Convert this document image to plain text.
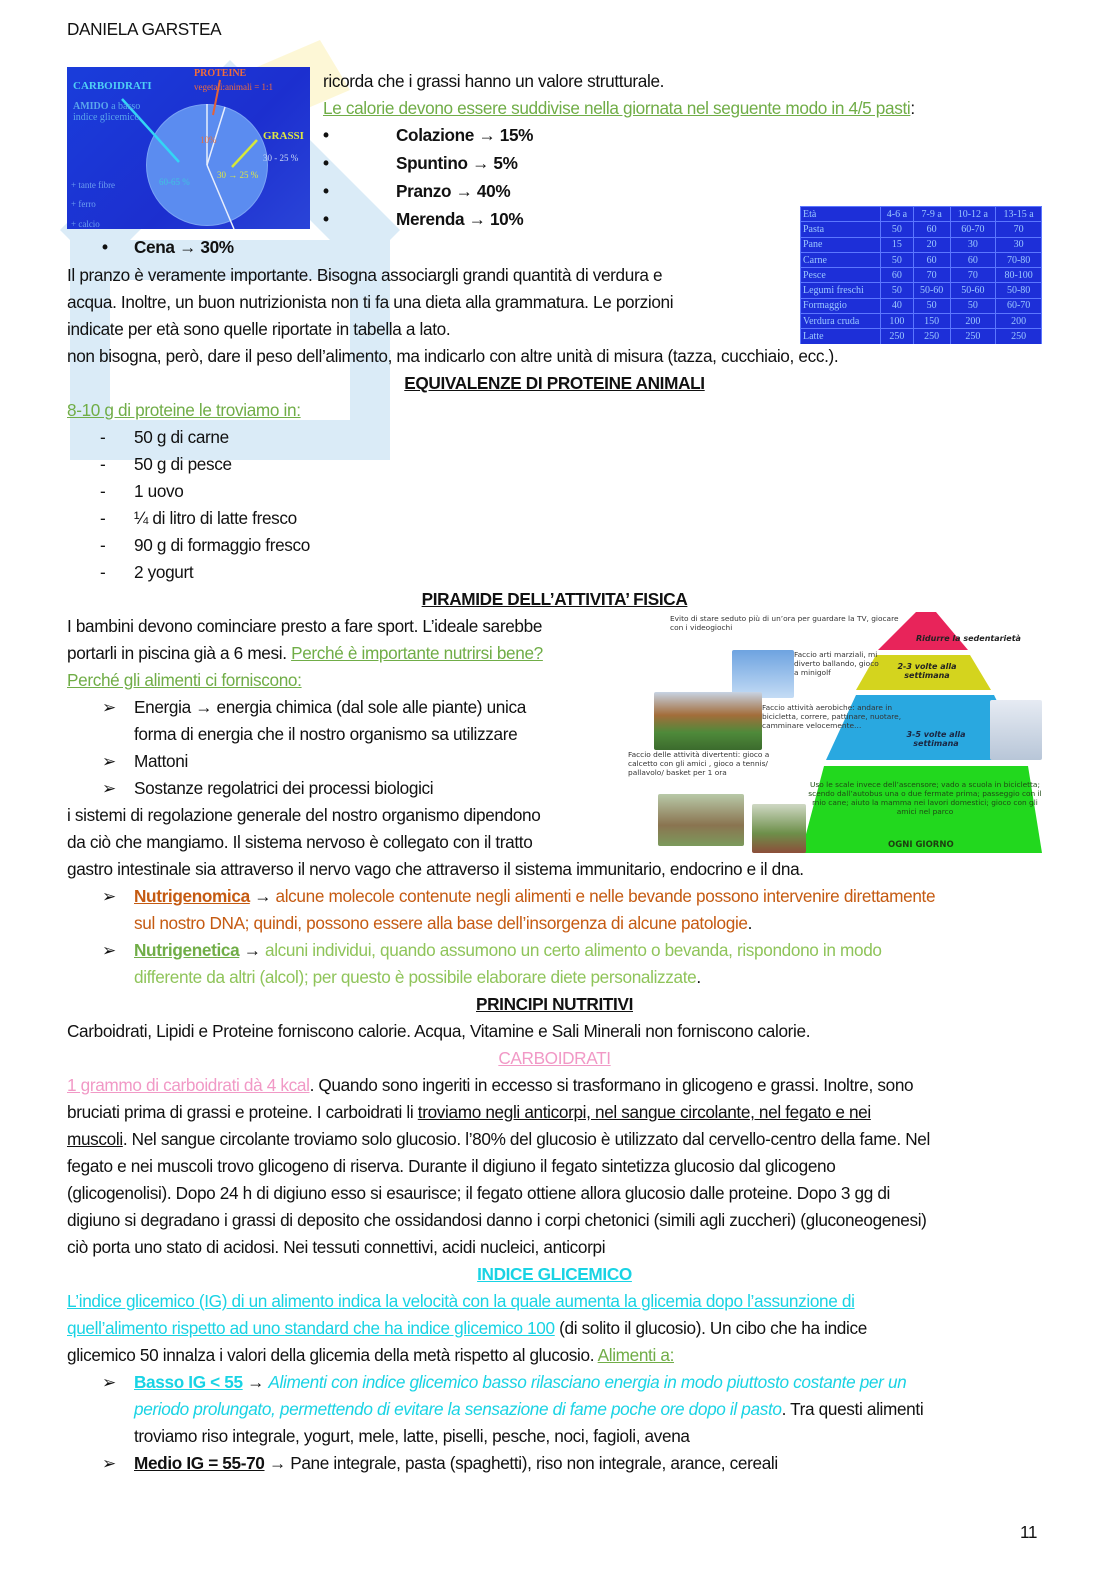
DANIELA GARSTEA
CARBOIDRATI
AMIDO a basso indice glicemico
PROTEINE
vegetali:animali = 1:1
10%	GRASSI
30 - 25 %
30 → 25 %
60-65 %
+ tante fibre
+ ferro
+ calcio
ricorda che i grassi hanno un valore strutturale.
Le calorie devono essere suddivise nella giornata nel seguente modo in 4/5 pasti:
•	Colazione → 15%
•	Spuntino → 5%
•	Pranzo → 40%
•	Merenda → 10%
• Cena → 30%
Età	4-6 a	7-9 a	10-12 a	13-15 a
Pasta	50	60	60-70	70
Pane	15	20	30	30
Carne	50	60	60	70-80
Pesce	60	70	70	80-100
Legumi freschi	50	50-60	50-60	50-80
Formaggio	40	50	50	60-70
Verdura cruda	100	150	200	200
Latte	250	250	250	250
Il pranzo è veramente importante. Bisogna associargli grandi quantità di verdura e
acqua. Inoltre, un buon nutrizionista non ti fa una dieta alla grammatura. Le porzioni
indicate per età sono quelle riportate in tabella a lato.
non bisogna, però, dare il peso dell’alimento, ma indicarlo con altre unità di misura (tazza, cucchiaio, ecc.).
EQUIVALENZE DI PROTEINE ANIMALI
8-10 g di proteine le troviamo in:
- 50 g di carne
- 50 g di pesce
- 1 uovo
- ¼ di litro di latte fresco
- 90 g di formaggio fresco
- 2 yogurt
PIRAMIDE DELL’ATTIVITA’ FISICA
I bambini devono cominciare presto a fare sport. L’ideale sarebbe
portarli in piscina già a 6 mesi. Perché è importante nutrirsi bene?
Perché gli alimenti ci forniscono:
➢ Energia → energia chimica (dal sole alle piante) unica
forma di energia che il nostro organismo sa utilizzare
➢ Mattoni
➢ Sostanze regolatrici dei processi biologici
i sistemi di regolazione generale del nostro organismo dipendono
da ciò che mangiamo. Il sistema nervoso è collegato con il tratto
gastro intestinale sia attraverso il nervo vago che attraverso il sistema immunitario, endocrino e il dna.
Evito di stare seduto più di un’ora per guardare la TV, giocare con i videogiochi
Ridurre la sedentarietà
2-3 volte alla settimana
3-5 volte alla settimana
OGNI GIORNO
Faccio arti marziali, mi diverto ballando, gioco a minigolf
Faccio attività aerobiche: andare in bicicletta, correre, pattinare, nuotare, camminare velocemente…
Faccio delle attività divertenti: gioco a calcetto con gli amici , gioco a tennis/ pallavolo/ basket per 1 ora
Uso le scale invece dell’ascensore; vado a scuola in bicicletta; scendo dall’autobus una o due fermate prima; passeggio con il mio cane; aiuto la mamma nei lavori domestici; gioco con gli amici nel parco
➢ Nutrigenomica → alcune molecole contenute negli alimenti e nelle bevande possono intervenire direttamente
sul nostro DNA; quindi, possono essere alla base dell’insorgenza di alcune patologie.
➢ Nutrigenetica → alcuni individui, quando assumono un certo alimento o bevanda, rispondono in modo
differente da altri (alcol); per questo è possibile elaborare diete personalizzate.
PRINCIPI NUTRITIVI
Carboidrati, Lipidi e Proteine forniscono calorie. Acqua, Vitamine e Sali Minerali non forniscono calorie.
CARBOIDRATI
1 grammo di carboidrati dà 4 kcal. Quando sono ingeriti in eccesso si trasformano in glicogeno e grassi. Inoltre, sono
bruciati prima di grassi e proteine. I carboidrati li troviamo negli anticorpi, nel sangue circolante, nel fegato e nei
muscoli. Nel sangue circolante troviamo solo glucosio. l’80% del glucosio è utilizzato dal cervello-centro della fame. Nel
fegato e nei muscoli trovo glicogeno di riserva. Durante il digiuno il fegato sintetizza glucosio dal glicogeno
(glicogenolisi). Dopo 24 h di digiuno esso si esaurisce; il fegato ottiene allora glucosio dalle proteine. Dopo 3 gg di
digiuno si degradano i grassi di deposito che ossidandosi danno i corpi chetonici (simili agli zuccheri) (gluconeogenesi)
ciò porta uno stato di acidosi. Nei tessuti connettivi, acidi nucleici, anticorpi
INDICE GLICEMICO
L’indice glicemico (IG) di un alimento indica la velocità con la quale aumenta la glicemia dopo l’assunzione di
quell’alimento rispetto ad uno standard che ha indice glicemico 100 (di solito il glucosio). Un cibo che ha indice
glicemico 50 innalza i valori della glicemia della metà rispetto al glucosio. Alimenti a:
➢ Basso IG < 55 → Alimenti con indice glicemico basso rilasciano energia in modo piuttosto costante per un
periodo prolungato, permettendo di evitare la sensazione di fame poche ore dopo il pasto. Tra questi alimenti
troviamo riso integrale, yogurt, mele, latte, piselli, pesche, noci, fagioli, avena
➢ Medio IG = 55-70 → Pane integrale, pasta (spaghetti), riso non integrale, arance, cereali
11
